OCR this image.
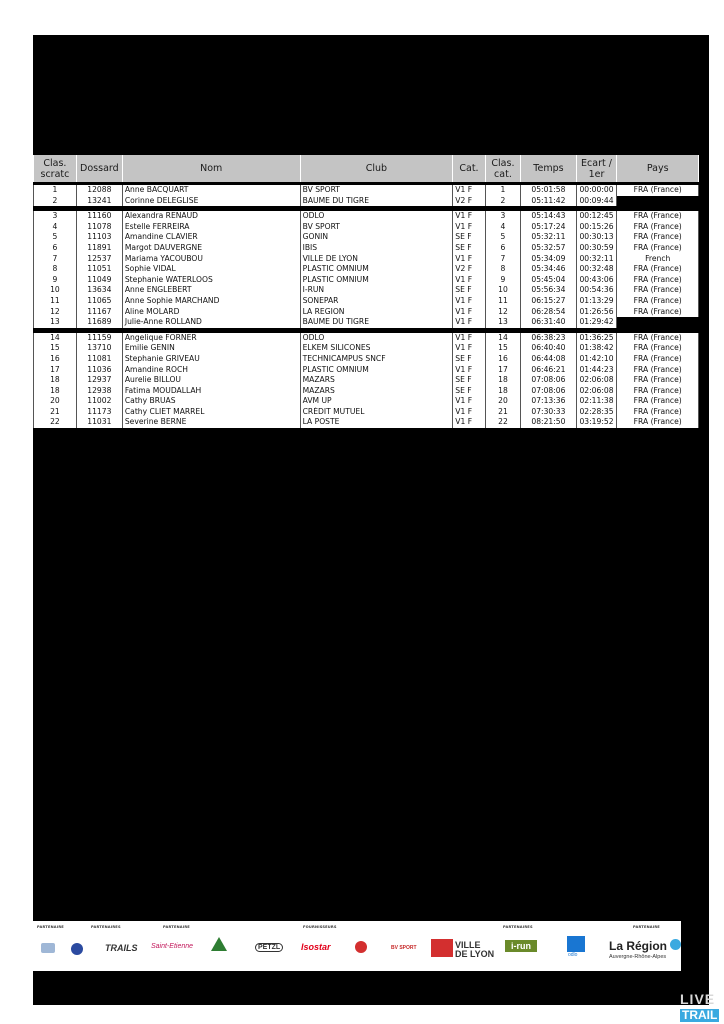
Clas. scratc	Dossard	Nom	Club	Cat.	Clas. cat.	Temps	Ecart / 1er	Pays

1	12088	Anne BACQUART	BV SPORT	V1 F	1	05:01:58	00:00:00	FRA (France)
2	13241	Corinne DELEGLISE	BAUME DU TIGRE	V2 F	2	05:11:42	00:09:44	

3	11160	Alexandra RENAUD	ODLO	V1 F	3	05:14:43	00:12:45	FRA (France)
4	11078	Estelle FERREIRA	BV SPORT	V1 F	4	05:17:24	00:15:26	FRA (France)
5	11103	Amandine CLAVIER	GONIN	SE F	5	05:32:11	00:30:13	FRA (France)
6	11891	Margot DAUVERGNE	IBIS	SE F	6	05:32:57	00:30:59	FRA (France)
7	12537	Mariama YACOUBOU	VILLE DE LYON	V1 F	7	05:34:09	00:32:11	French
8	11051	Sophie VIDAL	PLASTIC OMNIUM	V2 F	8	05:34:46	00:32:48	FRA (France)
9	11049	Stephanie WATERLOOS	PLASTIC OMNIUM	V1 F	9	05:45:04	00:43:06	FRA (France)
10	13634	Anne ENGLEBERT	I-RUN	SE F	10	05:56:34	00:54:36	FRA (France)
11	11065	Anne Sophie MARCHAND	SONEPAR	V1 F	11	06:15:27	01:13:29	FRA (France)
12	11167	Aline MOLARD	LA REGION	V1 F	12	06:28:54	01:26:56	FRA (France)
13	11689	Julie-Anne ROLLAND	BAUME DU TIGRE	V1 F	13	06:31:40	01:29:42	

14	11159	Angelique FORNER	ODLO	V1 F	14	06:38:23	01:36:25	FRA (France)
15	13710	Emilie GENIN	ELKEM SILICONES	V1 F	15	06:40:40	01:38:42	FRA (France)
16	11081	Stephanie GRIVEAU	TECHNICAMPUS SNCF	SE F	16	06:44:08	01:42:10	FRA (France)
17	11036	Amandine ROCH	PLASTIC OMNIUM	V1 F	17	06:46:21	01:44:23	FRA (France)
18	12937	Aurelie BILLOU	MAZARS	SE F	18	07:08:06	02:06:08	FRA (France)
18	12938	Fatima MOUDALLAH	MAZARS	SE F	18	07:08:06	02:06:08	FRA (France)
20	11002	Cathy BRUAS	AVM UP	V1 F	20	07:13:36	02:11:38	FRA (France)
21	11173	Cathy CLIET MARREL	CRÉDIT MUTUEL	V1 F	21	07:30:33	02:28:35	FRA (France)
22	11031	Severine BERNE	LA POSTE	V1 F	22	08:21:50	03:19:52	FRA (France)
PARTENAIRE	PARTENAIRES	PARTENAIRE	FOURNISSEURS	PARTENAIRES	PARTENAIRE
TRAILS Saint-Etienne	PETZL	Isostar	BV SPORT	VILLE DE LYON
i-run
odlo
La Région
Auvergne-Rhône-Alpes
LIVE
TRAIL
